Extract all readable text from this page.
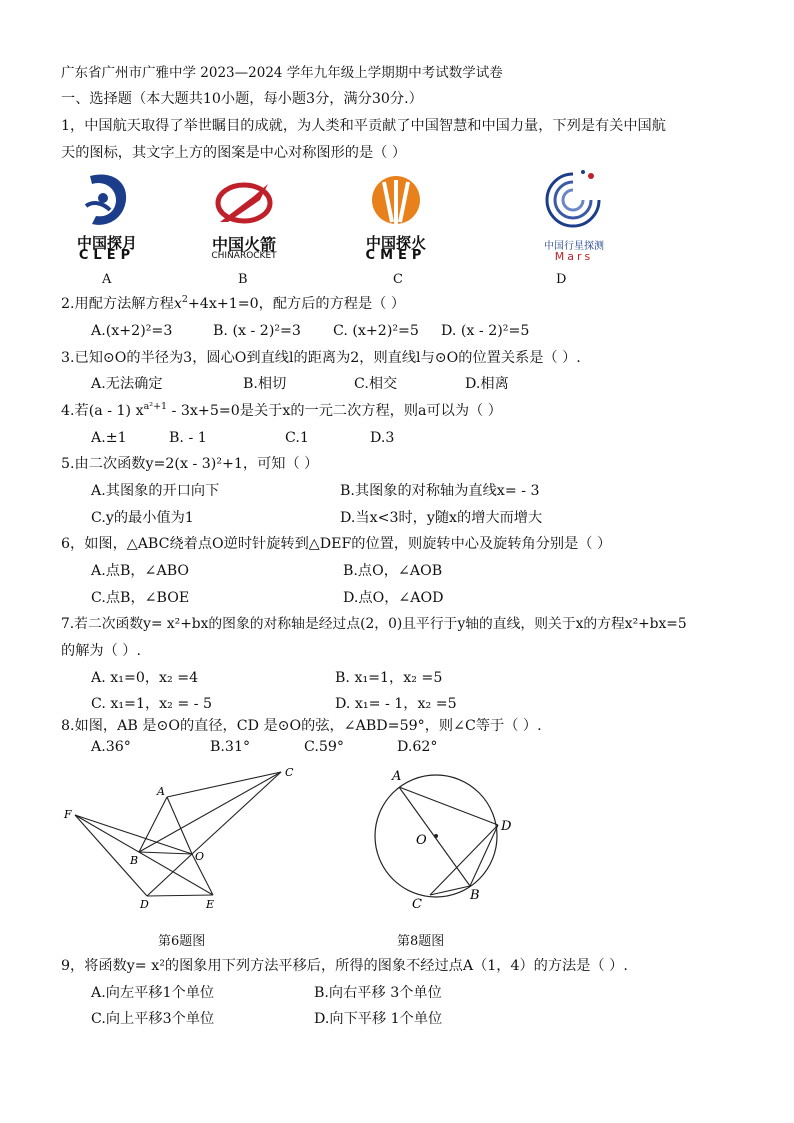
广东省广州市广雅中学 2023—2024 学年九年级上学期期中考试数学试卷
一、选择题（本大题共10小题，每小题3分，满分30分.）
1，中国航天取得了举世瞩目的成就，为人类和平贡献了中国智慧和中国力量，下列是有关中国航
天的图标，其文字上方的图案是中心对称图形的是（ ）
中国探月
CLEP
A
中国火箭
CHINAROCKET
B
中国探火
CMEP
C
中国行星探测
Mars
D
2.用配方法解方程$x^2+4x+1=0$，配方后的方程是（ ）
A.(x+2)²=3	B. (x - 2)²=3 C. (x+2)²=5 D. (x - 2)²=5
3.已知⊙O的半径为3，圆心O到直线l的距离为2，则直线l与⊙O的位置关系是（ ）.
A.无法确定	B.相切	C.相交	D.相离
4.若(a - 1) $x^{a^2+1} - 3x+5=0$是关于x的一元二次方程，则a可以为（ ）
A.±1	B. - 1	C.1	D.3
5.由二次函数y=2(x - 3)²+1，可知（ ）
A.其图象的开口向下	B.其图象的对称轴为直线x= - 3
C.y的最小值为1	D.当x<3时，y随x的增大而增大
6，如图，△ABC绕着点O逆时针旋转到△DEF的位置，则旋转中心及旋转角分别是（ ）
A.点B，∠ABO	B.点O，∠AOB
C.点B，∠BOE	D.点O，∠AOD
7.若二次函数y= x²+bx的图象的对称轴是经过点(2，0)且平行于y轴的直线，则关于x的方程x²+bx=5
的解为（ ）.
A. x₁=0，x₂ =4	B. x₁=1，x₂ =5
C. x₁=1，x₂ = - 5	D. x₁= - 1，x₂ =5
8.如图，AB 是⊙O的直径，CD 是⊙O的弦，∠ABD=59°，则∠C等于（ ）.
A.36°	B.31°	C.59°	D.62°
A
C
F
B	O
D	E
第6题图
A
O
D
B
C
第8题图
9，将函数y= x²的图象用下列方法平移后，所得的图象不经过点A（1，4）的方法是（ ）.
A.向左平移1个单位	B.向右平移 3个单位
C.向上平移3个单位	D.向下平移 1个单位
